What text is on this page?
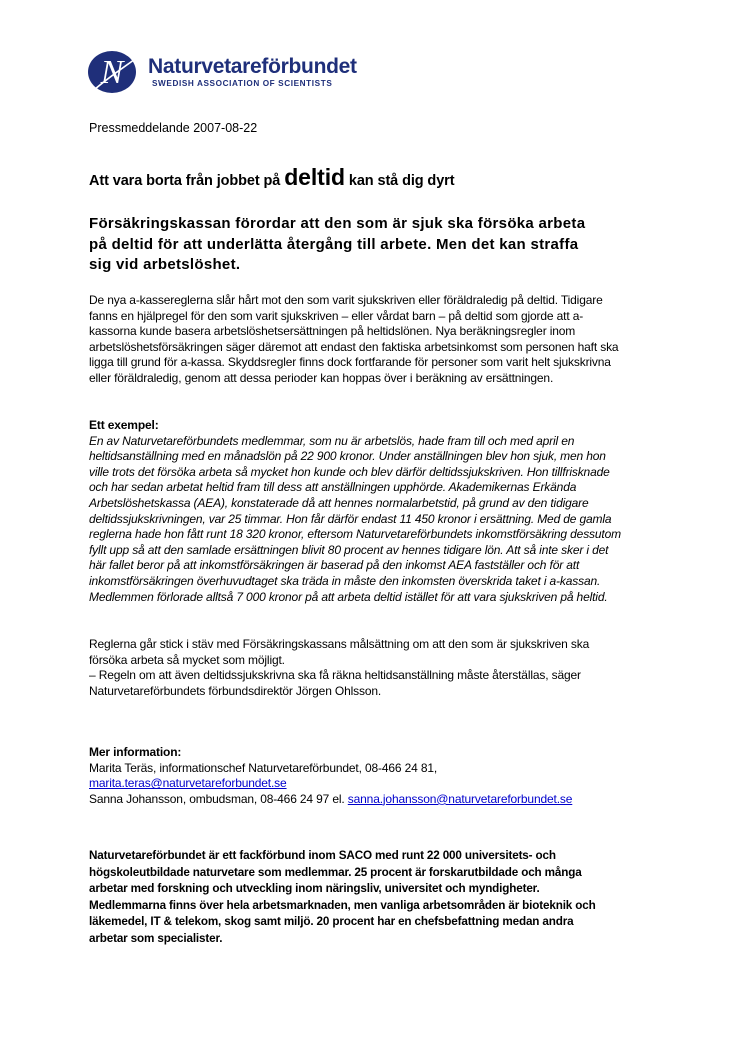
N Naturvetareförbundet
SWEDISH ASSOCIATION OF SCIENTISTS
Pressmeddelande 2007-08-22
Att vara borta från jobbet på deltid kan stå dig dyrt
Försäkringskassan förordar att den som är sjuk ska försöka arbeta
på deltid för att underlätta återgång till arbete. Men det kan straffa
sig vid arbetslöshet.
De nya a-kassereglerna slår hårt mot den som varit sjukskriven eller föräldraledig på deltid. Tidigare
fanns en hjälpregel för den som varit sjukskriven – eller vårdat barn – på deltid som gjorde att a-
kassorna kunde basera arbetslöshetsersättningen på heltidslönen. Nya beräkningsregler inom
arbetslöshetsförsäkringen säger däremot att endast den faktiska arbetsinkomst som personen haft ska
ligga till grund för a-kassa. Skyddsregler finns dock fortfarande för personer som varit helt sjukskrivna
eller föräldraledig, genom att dessa perioder kan hoppas över i beräkning av ersättningen.
Ett exempel:
En av Naturvetareförbundets medlemmar, som nu är arbetslös, hade fram till och med april en
heltidsanställning med en månadslön på 22 900 kronor. Under anställningen blev hon sjuk, men hon
ville trots det försöka arbeta så mycket hon kunde och blev därför deltidssjukskriven. Hon tillfrisknade
och har sedan arbetat heltid fram till dess att anställningen upphörde. Akademikernas Erkända
Arbetslöshetskassa (AEA), konstaterade då att hennes normalarbetstid, på grund av den tidigare
deltidssjukskrivningen, var 25 timmar. Hon får därför endast 11 450 kronor i ersättning. Med de gamla
reglerna hade hon fått runt 18 320 kronor, eftersom Naturvetareförbundets inkomstförsäkring dessutom
fyllt upp så att den samlade ersättningen blivit 80 procent av hennes tidigare lön. Att så inte sker i det
här fallet beror på att inkomstförsäkringen är baserad på den inkomst AEA fastställer och för att
inkomstförsäkringen överhuvudtaget ska träda in måste den inkomsten överskrida taket i a-kassan.
Medlemmen förlorade alltså 7 000 kronor på att arbeta deltid istället för att vara sjukskriven på heltid.
Reglerna går stick i stäv med Försäkringskassans målsättning om att den som är sjukskriven ska
försöka arbeta så mycket som möjligt.
– Regeln om att även deltidssjukskrivna ska få räkna heltidsanställning måste återställas, säger
Naturvetareförbundets förbundsdirektör Jörgen Ohlsson.
Mer information:
Marita Teräs, informationschef Naturvetareförbundet, 08-466 24 81,
marita.teras@naturvetareforbundet.se
Sanna Johansson, ombudsman, 08-466 24 97 el. sanna.johansson@naturvetareforbundet.se
Naturvetareförbundet är ett fackförbund inom SACO med runt 22 000 universitets- och
högskoleutbildade naturvetare som medlemmar. 25 procent är forskarutbildade och många
arbetar med forskning och utveckling inom näringsliv, universitet och myndigheter.
Medlemmarna finns över hela arbetsmarknaden, men vanliga arbetsområden är bioteknik och
läkemedel, IT & telekom, skog samt miljö. 20 procent har en chefsbefattning medan andra
arbetar som specialister.
